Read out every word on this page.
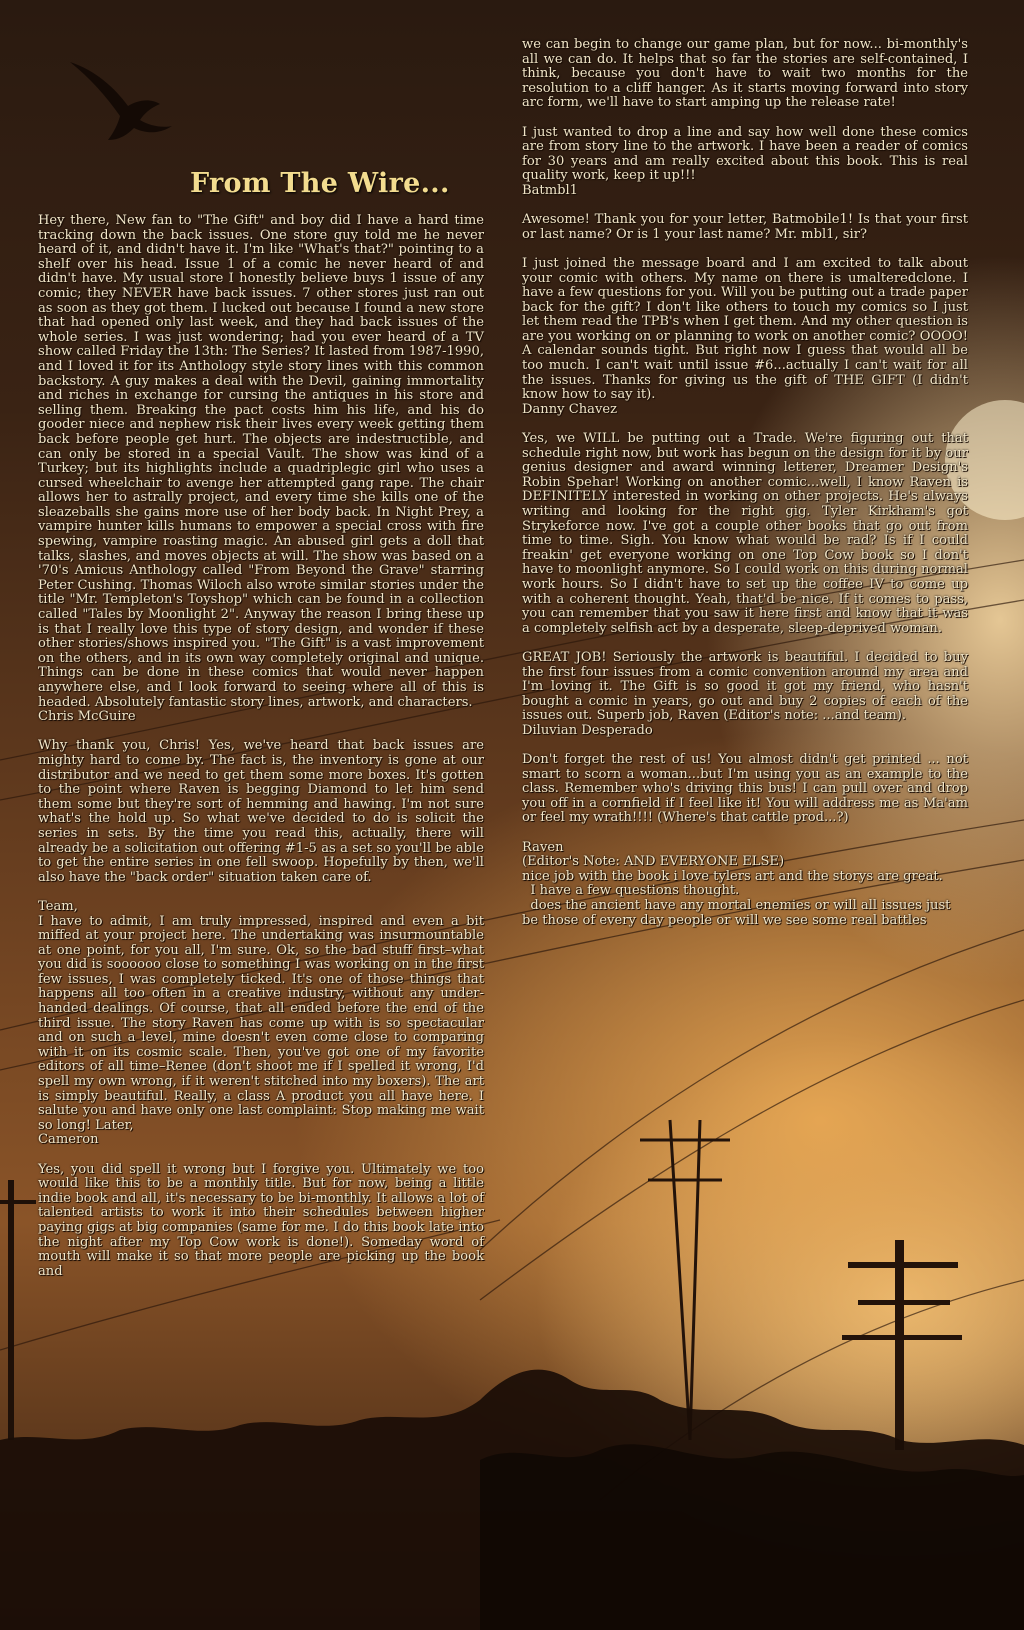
From The Wire...

Hey there, New fan to "The Gift" and boy did I have a hard time tracking down the back issues. One store guy told me he never heard of it, and didn't have it. I'm like "What's that?" pointing to a shelf over his head. Issue 1 of a comic he never heard of and didn't have. My usual store I honestly believe buys 1 issue of any comic; they NEVER have back issues. 7 other stores just ran out as soon as they got them. I lucked out because I found a new store that had opened only last week, and they had back issues of the whole series. I was just wondering; had you ever heard of a TV show called Friday the 13th: The Series? It lasted from 1987-1990, and I loved it for its Anthology style story lines with this common backstory. A guy makes a deal with the Devil, gaining immortality and riches in exchange for cursing the antiques in his store and selling them. Breaking the pact costs him his life, and his do gooder niece and nephew risk their lives every week getting them back before people get hurt. The objects are indestructible, and can only be stored in a special Vault. The show was kind of a Turkey; but its highlights include a quadriplegic girl who uses a cursed wheelchair to avenge her attempted gang rape. The chair allows her to astrally project, and every time she kills one of the sleazeballs she gains more use of her body back. In Night Prey, a vampire hunter kills humans to empower a special cross with fire spewing, vampire roasting magic. An abused girl gets a doll that talks, slashes, and moves objects at will. The show was based on a '70's Amicus Anthology called "From Beyond the Grave" starring Peter Cushing. Thomas Wiloch also wrote similar stories under the title "Mr. Templeton's Toyshop" which can be found in a collection called "Tales by Moonlight 2". Anyway the reason I bring these up is that I really love this type of story design, and wonder if these other stories/shows inspired you. "The Gift" is a vast improvement on the others, and in its own way completely original and unique. Things can be done in these comics that would never happen anywhere else, and I look forward to seeing where all of this is headed. Absolutely fantastic story lines, artwork, and characters.

Chris McGuire

Why thank you, Chris! Yes, we've heard that back issues are mighty hard to come by. The fact is, the inventory is gone at our distributor and we need to get them some more boxes. It's gotten to the point where Raven is begging Diamond to let him send them some but they're sort of hemming and hawing. I'm not sure what's the hold up. So what we've decided to do is solicit the series in sets. By the time you read this, actually, there will already be a solicitation out offering #1-5 as a set so you'll be able to get the entire series in one fell swoop. Hopefully by then, we'll also have the "back order" situation taken care of.

Team,

I have to admit, I am truly impressed, inspired and even a bit miffed at your project here. The undertaking was insurmountable at one point, for you all, I'm sure. Ok, so the bad stuff first–what you did is soooooo close to something I was working on in the first few issues, I was completely ticked. It's one of those things that happens all too often in a creative industry, without any under-handed dealings. Of course, that all ended before the end of the third issue. The story Raven has come up with is so spectacular and on such a level, mine doesn't even come close to comparing with it on its cosmic scale. Then, you've got one of my favorite editors of all time–Renee (don't shoot me if I spelled it wrong, I'd spell my own wrong, if it weren't stitched into my boxers). The art is simply beautiful. Really, a class A product you all have here. I salute you and have only one last complaint: Stop making me wait so long! Later,

Cameron

Yes, you did spell it wrong but I forgive you. Ultimately we too would like this to be a monthly title. But for now, being a little indie book and all, it's necessary to be bi-monthly. It allows a lot of talented artists to work it into their schedules between higher paying gigs at big companies (same for me. I do this book late into the night after my Top Cow work is done!). Someday word of mouth will make it so that more people are picking up the book and

we can begin to change our game plan, but for now... bi-monthly's all we can do. It helps that so far the stories are self-contained, I think, because you don't have to wait two months for the resolution to a cliff hanger. As it starts moving forward into story arc form, we'll have to start amping up the release rate!

I just wanted to drop a line and say how well done these comics are from story line to the artwork. I have been a reader of comics for 30 years and am really excited about this book. This is real quality work, keep it up!!!

Batmbl1

Awesome! Thank you for your letter, Batmobile1! Is that your first or last name? Or is 1 your last name? Mr. mbl1, sir?

I just joined the message board and I am excited to talk about your comic with others. My name on there is umalteredclone. I have a few questions for you. Will you be putting out a trade paper back for the gift? I don't like others to touch my comics so I just let them read the TPB's when I get them. And my other question is are you working on or planning to work on another comic? OOOO! A calendar sounds tight. But right now I guess that would all be too much. I can't wait until issue #6...actually I can't wait for all the issues. Thanks for giving us the gift of THE GIFT (I didn't know how to say it).

Danny Chavez

Yes, we WILL be putting out a Trade. We're figuring out that schedule right now, but work has begun on the design for it by our genius designer and award winning letterer, Dreamer Design's Robin Spehar! Working on another comic...well, I know Raven is DEFINITELY interested in working on other projects. He's always writing and looking for the right gig. Tyler Kirkham's got Strykeforce now. I've got a couple other books that go out from time to time. Sigh. You know what would be rad? Is if I could freakin' get everyone working on one Top Cow book so I don't have to moonlight anymore. So I could work on this during normal work hours. So I didn't have to set up the coffee IV to come up with a coherent thought. Yeah, that'd be nice. If it comes to pass, you can remember that you saw it here first and know that it was a completely selfish act by a desperate, sleep-deprived woman.

GREAT JOB! Seriously the artwork is beautiful. I decided to buy the first four issues from a comic convention around my area and I'm loving it. The Gift is so good it got my friend, who hasn't bought a comic in years, go out and buy 2 copies of each of the issues out. Superb job, Raven (Editor's note: ...and team).

Diluvian Desperado

Don't forget the rest of us! You almost didn't get printed ... not smart to scorn a woman...but I'm using you as an example to the class. Remember who's driving this bus! I can pull over and drop you off in a cornfield if I feel like it! You will address me as Ma'am or feel my wrath!!!! (Where's that cattle prod...?)

Raven

(Editor's Note: AND EVERYONE ELSE)

nice job with the book i love tylers art and the storys are great.

I have a few questions thought.

does the ancient have any mortal enemies or will all issues just be those of every day people or will we see some real battles
